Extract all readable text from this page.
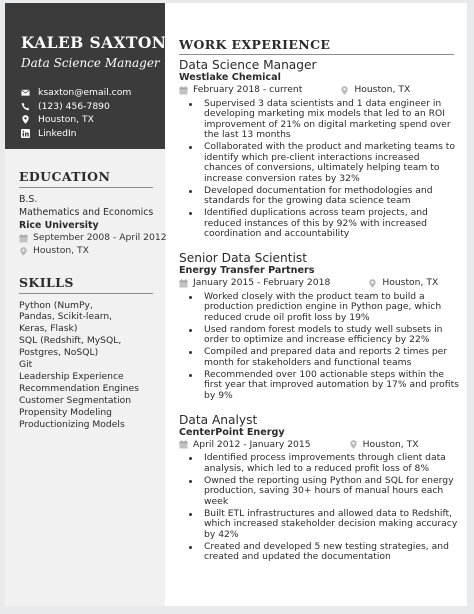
KALEB SAXTON
Data Science Manager
ksaxton@email.com
(123) 456-7890
Houston, TX
LinkedIn
EDUCATION
B.S.
Mathematics and Economics
Rice University
September 2008 - April 2012
Houston, TX
SKILLS
Python (NumPy, Pandas, Scikit-learn, Keras, Flask)
SQL (Redshift, MySQL, Postgres, NoSQL)
Git
Leadership Experience
Recommendation Engines
Customer Segmentation
Propensity Modeling
Productionizing Models
WORK EXPERIENCE
Data Science Manager
Westlake Chemical
February 2018 - current	Houston, TX
Supervised 3 data scientists and 1 data engineer in developing marketing mix models that led to an ROI improvement of 21% on digital marketing spend over the last 13 months
Collaborated with the product and marketing teams to identify which pre-client interactions increased chances of conversions, ultimately helping team to increase conversion rates by 32%
Developed documentation for methodologies and standards for the growing data science team
Identified duplications across team projects, and reduced instances of this by 92% with increased coordination and accountability
Senior Data Scientist
Energy Transfer Partners
January 2015 - February 2018	Houston, TX
Worked closely with the product team to build a production prediction engine in Python page, which reduced crude oil profit loss by 19%
Used random forest models to study well subsets in order to optimize and increase efficiency by 22%
Compiled and prepared data and reports 2 times per month for stakeholders and functional teams
Recommended over 100 actionable steps within the first year that improved automation by 17% and profits by 9%
Data Analyst
CenterPoint Energy
April 2012 - January 2015	Houston, TX
Identified process improvements through client data analysis, which led to a reduced profit loss of 8%
Owned the reporting using Python and SQL for energy production, saving 30+ hours of manual hours each week
Built ETL infrastructures and allowed data to Redshift, which increased stakeholder decision making accuracy by 42%
Created and developed 5 new testing strategies, and created and updated the documentation
